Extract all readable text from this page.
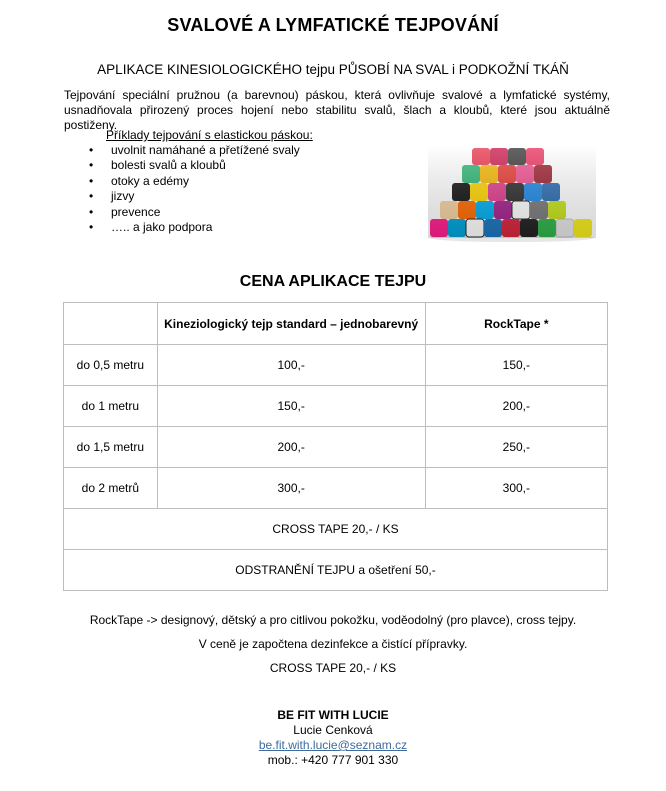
SVALOVÉ A LYMFATICKÉ TEJPOVÁNÍ
APLIKACE KINESIOLOGICKÉHO tejpu PŮSOBÍ NA SVAL i PODKOŽNÍ TKÁŇ
Tejpování speciální pružnou (a barevnou) páskou, která ovlivňuje svalové a lymfatické systémy, usnadňovala přirozený proces hojení nebo stabilitu svalů, šlach a kloubů, které jsou aktuálně postiženy.
Příklady tejpování s elastickou páskou:
• uvolnit namáhané a přetížené svaly
• bolesti svalů a kloubů
• otoky a edémy
• jizvy
• prevence
• ….. a jako podpora
CENA APLIKACE TEJPU
	Kineziologický tejp standard – jednobarevný	RockTape *
do 0,5 metru	100,-	150,-
do 1 metru	150,-	200,-
do 1,5 metru	200,-	250,-
do 2 metrů	300,-	300,-
CROSS TAPE 20,- / KS		
ODSTRANĚNÍ TEJPU a ošetření 50,-		
RockTape -> designový, dětský a pro citlivou pokožku, voděodolný (pro plavce), cross tejpy.
V ceně je započtena dezinfekce a čistící přípravky.
CROSS TAPE 20,- / KS
BE FIT WITH LUCIE
Lucie Cenková
be.fit.with.lucie@seznam.cz
mob.: +420 777 901 330
